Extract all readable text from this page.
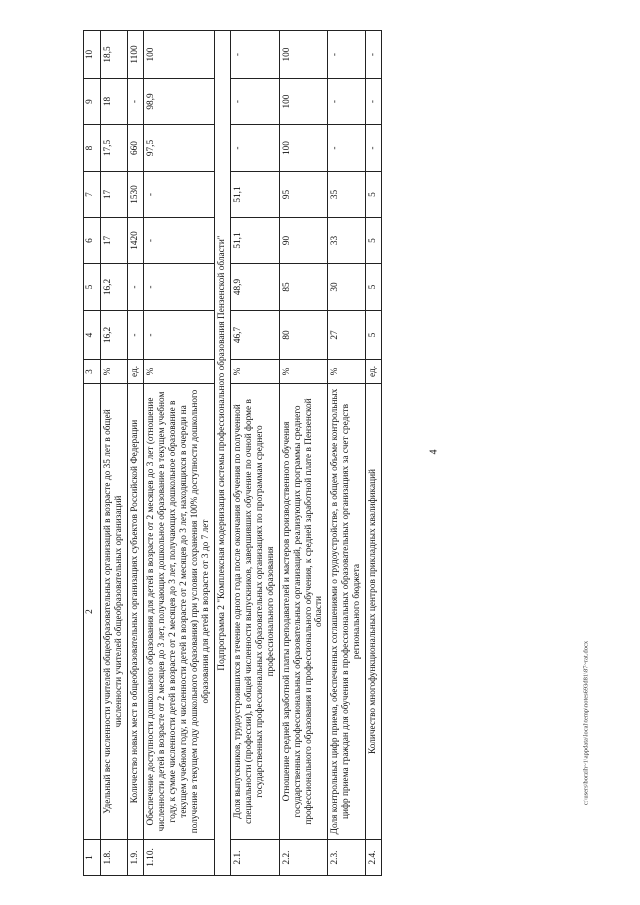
4
c:\users\borzih~1\appdata\local\temp\notes693d81\87~rat.docx
1	2	3	4	5	6	7	8	9	10
1.8.	Удельный вес численности учителей общеобразовательных организаций в возрасте до 35 лет в общей численности учителей общеобразовательных организаций	%	16,2	16,2	17	17	17,5	18	18,5
1.9.	Количество новых мест в общеобразовательных организациях субъектов Российской Федерации	ед.	-	-	1420	1530	660	-	1100
1.10.	Обеспечение доступности дошкольного образования для детей в возрасте от 2 месяцев до 3 лет (отношение численности детей в возрасте от 2 месяцев до 3 лет, получающих дошкольное образование в текущем учебном году, к сумме численности детей в возрасте от 2 месяцев до 3 лет, получающих дошкольное образование в текущем учебном году, и численности детей в возрасте от 2 месяцев до 3 лет, находящихся в очереди на получение в текущем году дошкольного образования) при условии сохранения 100% доступности дошкольного образования для детей в возрасте от 3 до 7 лет	%	-	-	-	-	97,5	98,9	100
Подпрограмма 2 "Комплексная модернизация системы профессионального образования Пензенской области"									
2.1.	Доля выпускников, трудоустроившихся в течение одного года после окончания обучения по полученной специальности (профессии), в общей численности выпускников, завершивших обучение по очной форме в государственных профессиональных образовательных организациях по программам среднего профессионального образования	%	46,7	48,9	51,1	51,1	-	-	-
2.2.	Отношение средней заработной платы преподавателей и мастеров производственного обучения государственных профессиональных образовательных организаций, реализующих программы среднего профессионального образования и профессионального обучения, к средней заработной плате в Пензенской области	%	80	85	90	95	100	100	100
2.3.	Доля контрольных цифр приема, обеспеченных соглашениями о трудоустройстве, в общем объеме контрольных цифр приема граждан для обучения в профессиональных образовательных организациях за счет средств регионального бюджета	%	27	30	33	35	-	-	-
2.4.	Количество многофункциональных центров прикладных квалификаций	ед.	5	5	5	5	-	-	-
